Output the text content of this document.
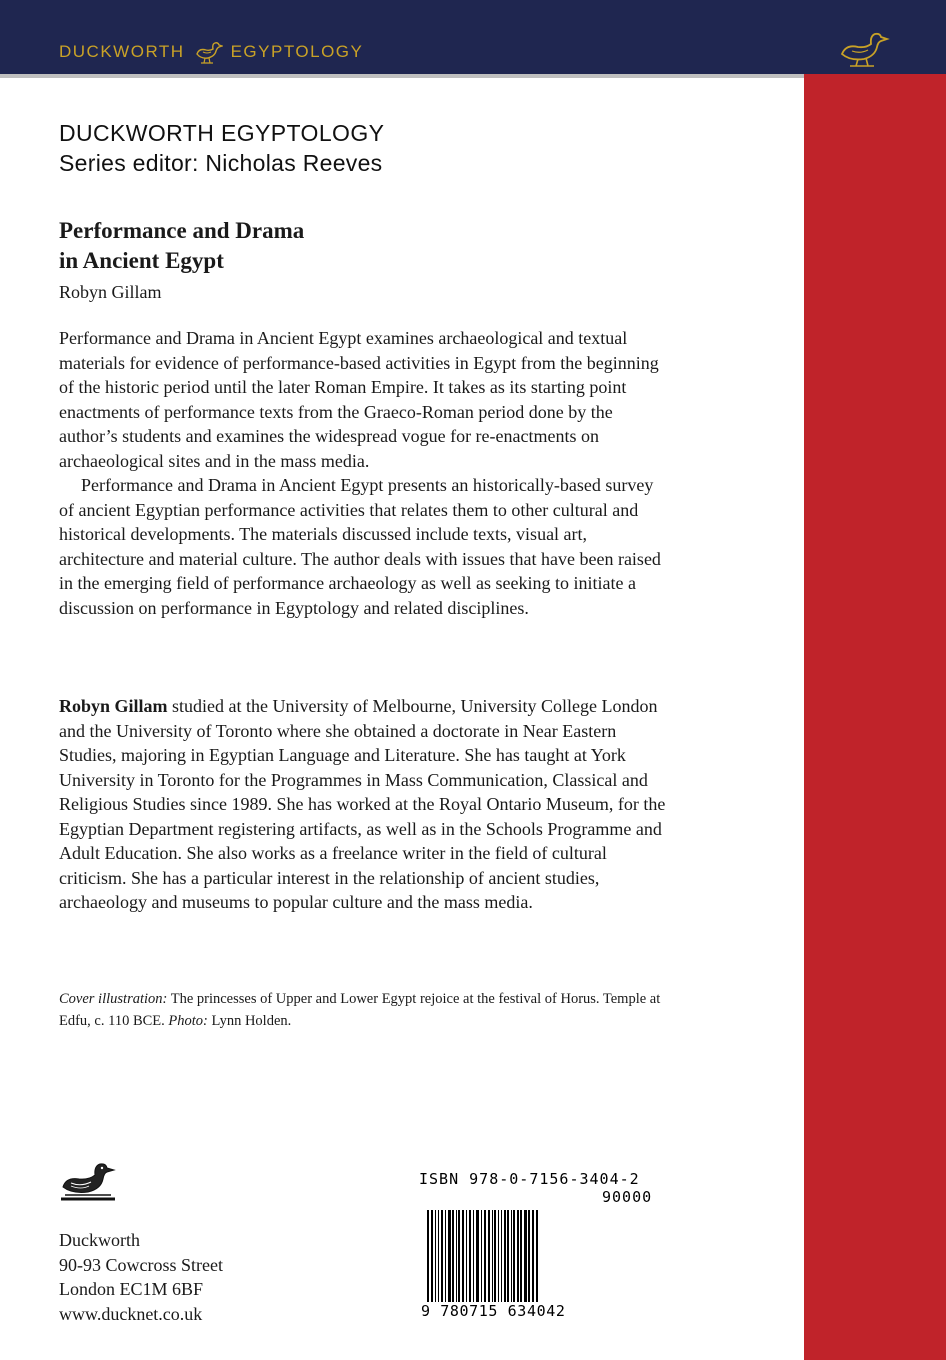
DUCKWORTH	EGYPTOLOGY
DUCKWORTH EGYPTOLOGY
Series editor: Nicholas Reeves
Performance and Drama
in Ancient Egypt
Robyn Gillam

Performance and Drama in Ancient Egypt examines archaeological and textual materials for evidence of performance-based activities in Egypt from the beginning of the historic period until the later Roman Empire. It takes as its starting point enactments of performance texts from the Graeco-Roman period done by the author’s students and examines the widespread vogue for re-enactments on archaeological sites and in the mass media.

Performance and Drama in Ancient Egypt presents an historically-based survey of ancient Egyptian performance activities that relates them to other cultural and historical developments. The materials discussed include texts, visual art, architecture and material culture. The author deals with issues that have been raised in the emerging field of performance archaeology as well as seeking to initiate a discussion on performance in Egyptology and related disciplines.

Robyn Gillam studied at the University of Melbourne, University College London and the University of Toronto where she obtained a doctorate in Near Eastern Studies, majoring in Egyptian Language and Literature. She has taught at York University in Toronto for the Programmes in Mass Communication, Classical and Religious Studies since 1989. She has worked at the Royal Ontario Museum, for the Egyptian Department registering artifacts, as well as in the Schools Programme and Adult Education. She also works as a freelance writer in the field of cultural criticism. She has a particular interest in the relationship of ancient studies, archaeology and museums to popular culture and the mass media.
Cover illustration: The princesses of Upper and Lower Egypt rejoice at the festival of Horus. Temple at Edfu, c. 110 BCE. Photo: Lynn Holden.
Duckworth
90-93 Cowcross Street
London EC1M 6BF
www.ducknet.co.uk
ISBN 978-0-7156-3404-2
90000
9 780715 634042
